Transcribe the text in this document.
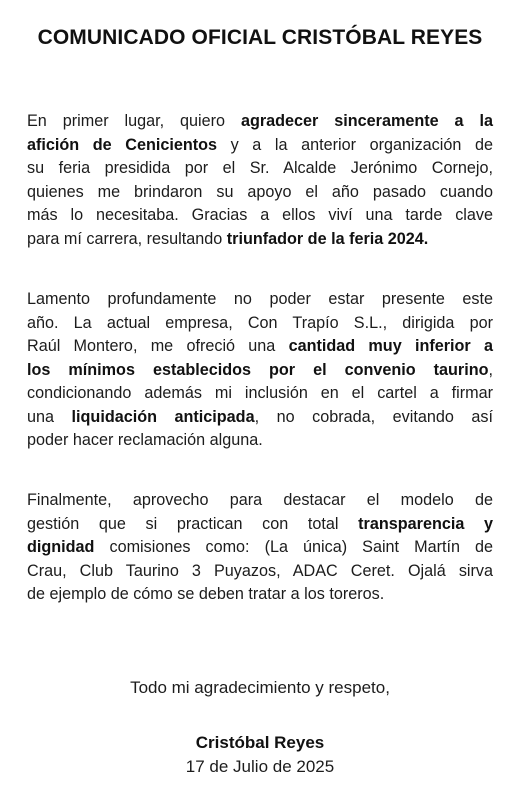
COMUNICADO OFICIAL CRISTÓBAL REYES
En primer lugar, quiero agradecer sinceramente a la
afición de Cenicientos y a la anterior organización de
su feria presidida por el Sr. Alcalde Jerónimo Cornejo,
quienes me brindaron su apoyo el año pasado cuando
más lo necesitaba. Gracias a ellos viví una tarde clave
para mí carrera, resultando triunfador de la feria 2024.
Lamento profundamente no poder estar presente este
año. La actual empresa, Con Trapío S.L., dirigida por
Raúl Montero, me ofreció una cantidad muy inferior a
los mínimos establecidos por el convenio taurino,
condicionando además mi inclusión en el cartel a firmar
una liquidación anticipada, no cobrada, evitando así
poder hacer reclamación alguna.
Finalmente, aprovecho para destacar el modelo de
gestión que si practican con total transparencia y
dignidad comisiones como: (La única) Saint Martín de
Crau, Club Taurino 3 Puyazos, ADAC Ceret. Ojalá sirva
de ejemplo de cómo se deben tratar a los toreros.
Todo mi agradecimiento y respeto,
Cristóbal Reyes
17 de Julio de 2025
